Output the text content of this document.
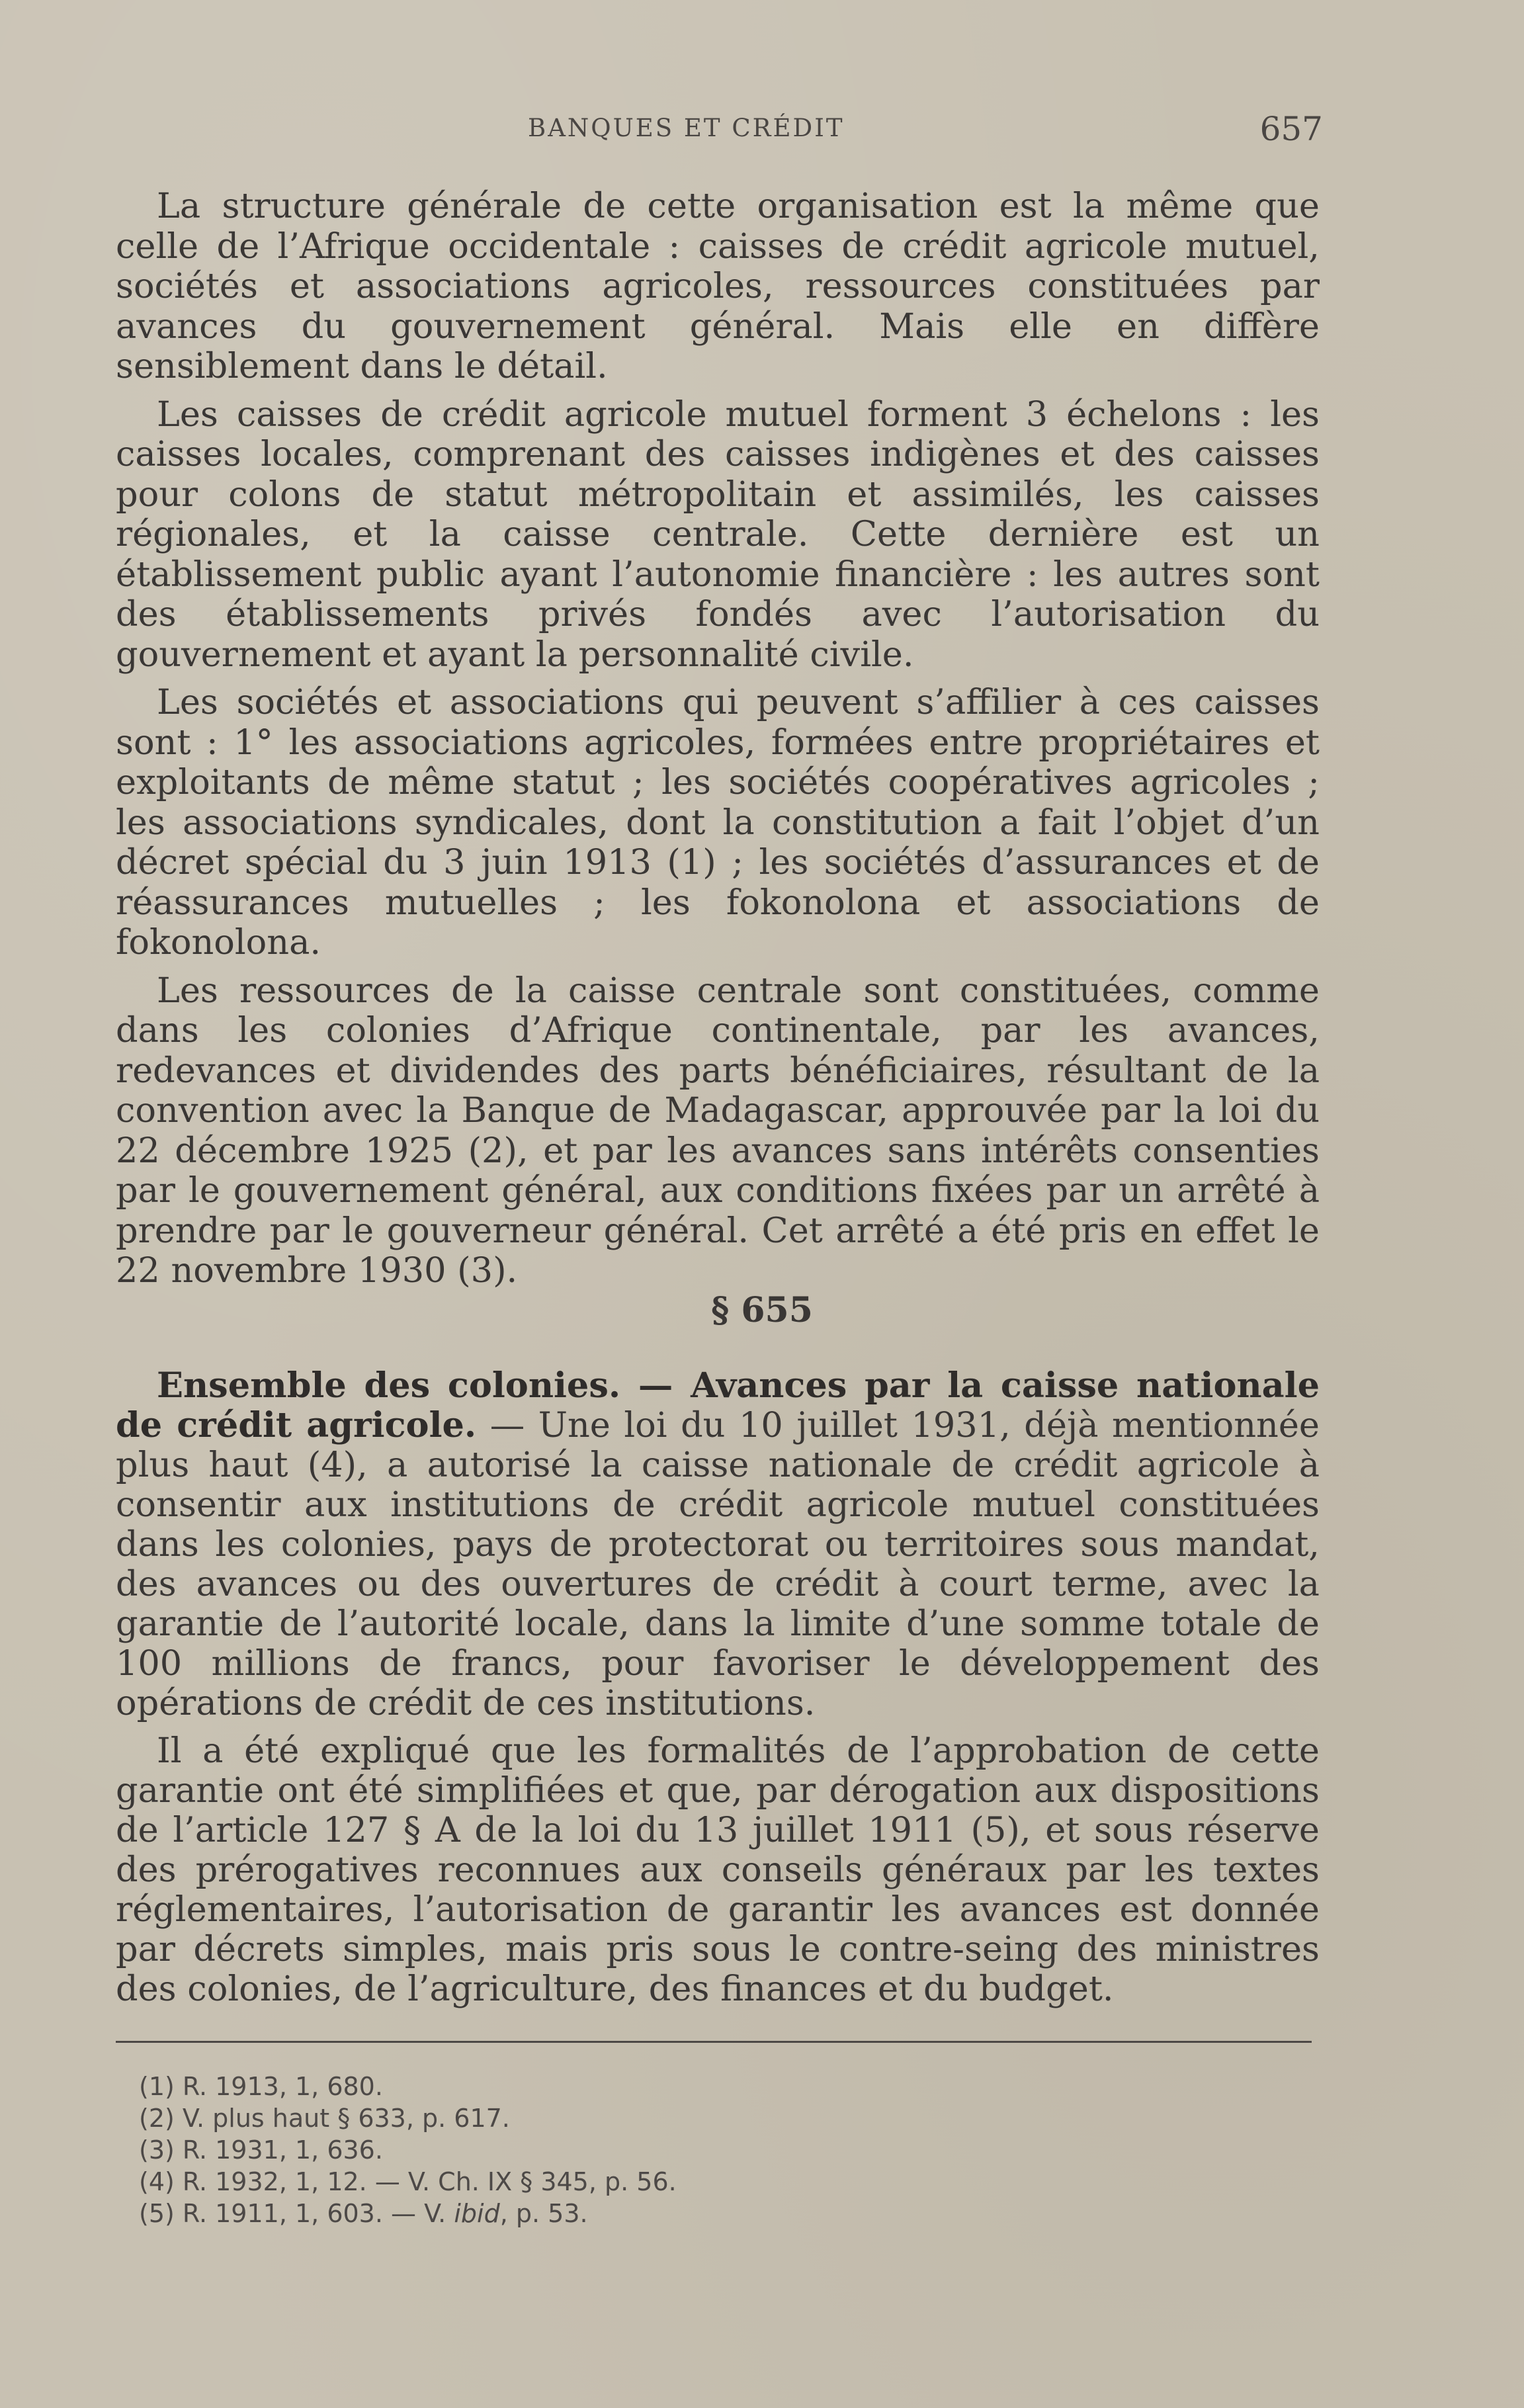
BANQUES ET CRÉDIT	657

La structure générale de cette organisation est la même que celle de l’Afrique occidentale : caisses de crédit agricole mutuel, sociétés et associations agricoles, ressources constituées par avances du gouvernement général. Mais elle en diffère sensiblement dans le détail.

Les caisses de crédit agricole mutuel forment 3 échelons : les caisses locales, comprenant des caisses indigènes et des caisses pour colons de statut métropolitain et assimilés, les caisses régionales, et la caisse centrale. Cette dernière est un établissement public ayant l’autonomie financière : les autres sont des établissements privés fondés avec l’autorisation du gouvernement et ayant la personnalité civile.

Les sociétés et associations qui peuvent s’affilier à ces caisses sont : 1° les associations agricoles, formées entre propriétaires et exploitants de même statut ; les sociétés coopératives agricoles ; les associations syndicales, dont la constitution a fait l’objet d’un décret spécial du 3 juin 1913 (1) ; les sociétés d’assurances et de réassurances mutuelles ; les fokonolona et associations de fokonolona.

Les ressources de la caisse centrale sont constituées, comme dans les colonies d’Afrique continentale, par les avances, redevances et dividendes des parts bénéficiaires, résultant de la convention avec la Banque de Madagascar, approuvée par la loi du 22 décembre 1925 (2), et par les avances sans intérêts consenties par le gouvernement général, aux conditions fixées par un arrêté à prendre par le gouverneur général. Cet arrêté a été pris en effet le 22 novembre 1930 (3).

§ 655

Ensemble des colonies. — Avances par la caisse nationale de crédit agricole. — Une loi du 10 juillet 1931, déjà mentionnée plus haut (4), a autorisé la caisse nationale de crédit agricole à consentir aux institutions de crédit agricole mutuel constituées dans les colonies, pays de protectorat ou territoires sous mandat, des avances ou des ouvertures de crédit à court terme, avec la garantie de l’autorité locale, dans la limite d’une somme totale de 100 millions de francs, pour favoriser le développement des opérations de crédit de ces institutions.

Il a été expliqué que les formalités de l’approbation de cette garantie ont été simplifiées et que, par dérogation aux dispositions de l’article 127 § A de la loi du 13 juillet 1911 (5), et sous réserve des prérogatives reconnues aux conseils généraux par les textes réglementaires, l’autorisation de garantir les avances est donnée par décrets simples, mais pris sous le contre-seing des ministres des colonies, de l’agriculture, des finances et du budget.

(1) R. 1913, 1, 680.
(2) V. plus haut § 633, p. 617.
(3) R. 1931, 1, 636.
(4) R. 1932, 1, 12. — V. Ch. IX § 345, p. 56.
(5) R. 1911, 1, 603. — V. ibid, p. 53.
